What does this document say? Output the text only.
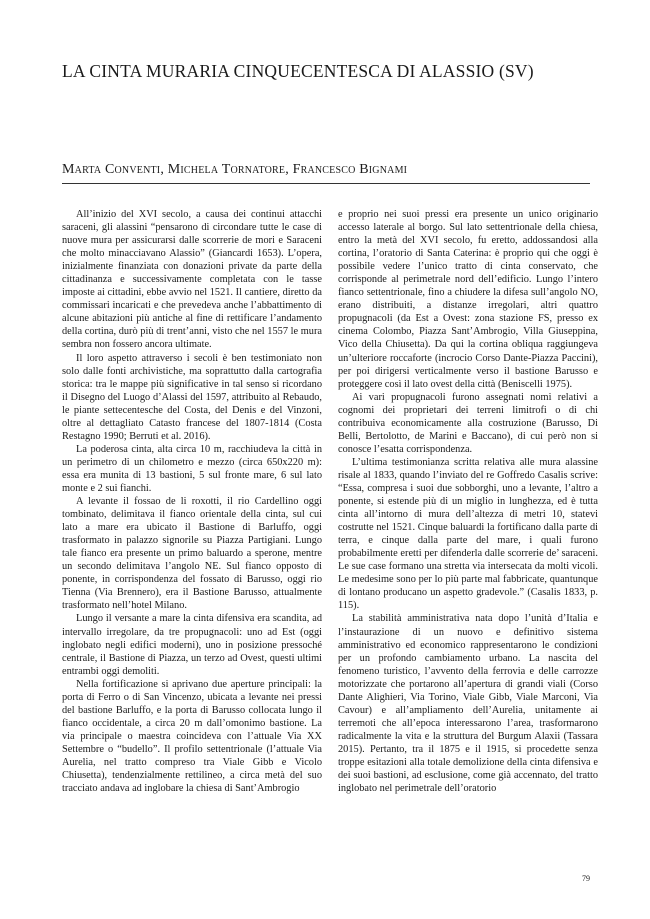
LA CINTA MURARIA CINQUECENTESCA DI ALASSIO (SV)
Marta Conventi, Michela Tornatore, Francesco Bignami

All’inizio del XVI secolo, a causa dei continui attacchi saraceni, gli alassini “pensarono di circondare tutte le case di nuove mura per assicurarsi dalle scorrerie de mori e Saraceni che molto minacciavano Alassio” (Giancardi 1653). L’opera, inizialmente finanziata con donazioni private da parte della cittadinanza e successivamente completata con le tasse imposte ai cittadini, ebbe avvio nel 1521. Il cantiere, diretto da commissari incaricati e che prevedeva anche l’abbattimento di alcune abitazioni più antiche al fine di rettificare l’andamento della cortina, durò più di trent’anni, visto che nel 1557 le mura sembra non fossero ancora ultimate.

Il loro aspetto attraverso i secoli è ben testimoniato non solo dalle fonti archivistiche, ma soprattutto dalla cartografia storica: tra le mappe più significative in tal senso si ricordano il Disegno del Luogo d’Alassi del 1597, attribuito al Rebaudo, le piante settecentesche del Costa, del Denis e del Vinzoni, oltre al dettagliato Catasto francese del 1807-1814 (Costa Restagno 1990; Berruti et al. 2016).

La poderosa cinta, alta circa 10 m, racchiudeva la città in un perimetro di un chilometro e mezzo (circa 650x220 m): essa era munita di 13 bastioni, 5 sul fronte mare, 6 sul lato monte e 2 sui fianchi.

A levante il fossao de li roxotti, il rio Cardellino oggi tombinato, delimitava il fianco orientale della cinta, sul cui lato a mare era ubicato il Bastione di Barluffo, oggi trasformato in palazzo signorile su Piazza Partigiani. Lungo tale fianco era presente un primo baluardo a sperone, mentre un secondo delimitava l’angolo NE. Sul fianco opposto di ponente, in corrispondenza del fossato di Barusso, oggi rio Tienna (Via Brennero), era il Bastione Barusso, attualmente trasformato nell’hotel Milano.

Lungo il versante a mare la cinta difensiva era scandita, ad intervallo irregolare, da tre propugnacoli: uno ad Est (oggi inglobato negli edifici moderni), uno in posizione pressoché centrale, il Bastione di Piazza, un terzo ad Ovest, questi ultimi entrambi oggi demoliti.

Nella fortificazione si aprivano due aperture principali: la porta di Ferro o di San Vincenzo, ubicata a levante nei pressi del bastione Barluffo, e la porta di Barusso collocata lungo il fianco occidentale, a circa 20 m dall’omonimo bastione. La via principale o maestra coincideva con l’attuale Via XX Settembre o “budello”. Il profilo settentrionale (l’attuale Via Aurelia, nel tratto compreso tra Viale Gibb e Vicolo Chiusetta), tendenzialmente rettilineo, a circa metà del suo tracciato andava ad inglobare la chiesa di Sant’Ambrogio

e proprio nei suoi pressi era presente un unico originario accesso laterale al borgo. Sul lato settentrionale della chiesa, entro la metà del XVI secolo, fu eretto, addossandosi alla cortina, l’oratorio di Santa Caterina: è proprio qui che oggi è possibile vedere l’unico tratto di cinta conservato, che corrisponde al perimetrale nord dell’edificio. Lungo l’intero fianco settentrionale, fino a chiudere la difesa sull’angolo NO, erano distribuiti, a distanze irregolari, altri quattro propugnacoli (da Est a Ovest: zona stazione FS, presso ex cinema Colombo, Piazza Sant’Ambrogio, Villa Giuseppina, Vico della Chiusetta). Da qui la cortina obliqua raggiungeva un’ulteriore roccaforte (incrocio Corso Dante-Piazza Paccini), per poi dirigersi verticalmente verso il bastione Barusso e proteggere così il lato ovest della città (Beniscelli 1975).

Ai vari propugnacoli furono assegnati nomi relativi a cognomi dei proprietari dei terreni limitrofi o di chi contribuiva economicamente alla costruzione (Barusso, Di Belli, Bertolotto, de Marini e Baccano), di cui però non si conosce l’esatta corrispondenza.

L’ultima testimonianza scritta relativa alle mura alassine risale al 1833, quando l’inviato del re Goffredo Casalis scrive: “Essa, compresa i suoi due sobborghi, uno a levante, l’altro a ponente, si estende più di un miglio in lunghezza, ed è tutta cinta all’intorno di mura dell’altezza di metri 10, statevi costrutte nel 1521. Cinque baluardi la fortificano dalla parte di terra, e cinque dalla parte del mare, i quali furono probabilmente eretti per difenderla dalle scorrerie de’ saraceni. Le sue case formano una stretta via intersecata da molti vicoli. Le medesime sono per lo più parte mal fabbricate, quantunque di lontano producano un aspetto gradevole.” (Casalis 1833, p. 115).

La stabilità amministrativa nata dopo l’unità d’Italia e l’instaurazione di un nuovo e definitivo sistema amministrativo ed economico rappresentarono le condizioni per un profondo cambiamento urbano. La nascita del fenomeno turistico, l’avvento della ferrovia e delle carrozze motorizzate che portarono all’apertura di grandi viali (Corso Dante Alighieri, Via Torino, Viale Gibb, Viale Marconi, Via Cavour) e all’ampliamento dell’Aurelia, unitamente ai terremoti che all’epoca interessarono l’area, trasformarono radicalmente la vita e la struttura del Burgum Alaxii (Tassara 2015). Pertanto, tra il 1875 e il 1915, si procedette senza troppe esitazioni alla totale demolizione della cinta difensiva e dei suoi bastioni, ad esclusione, come già accennato, del tratto inglobato nel perimetrale dell’oratorio

79
